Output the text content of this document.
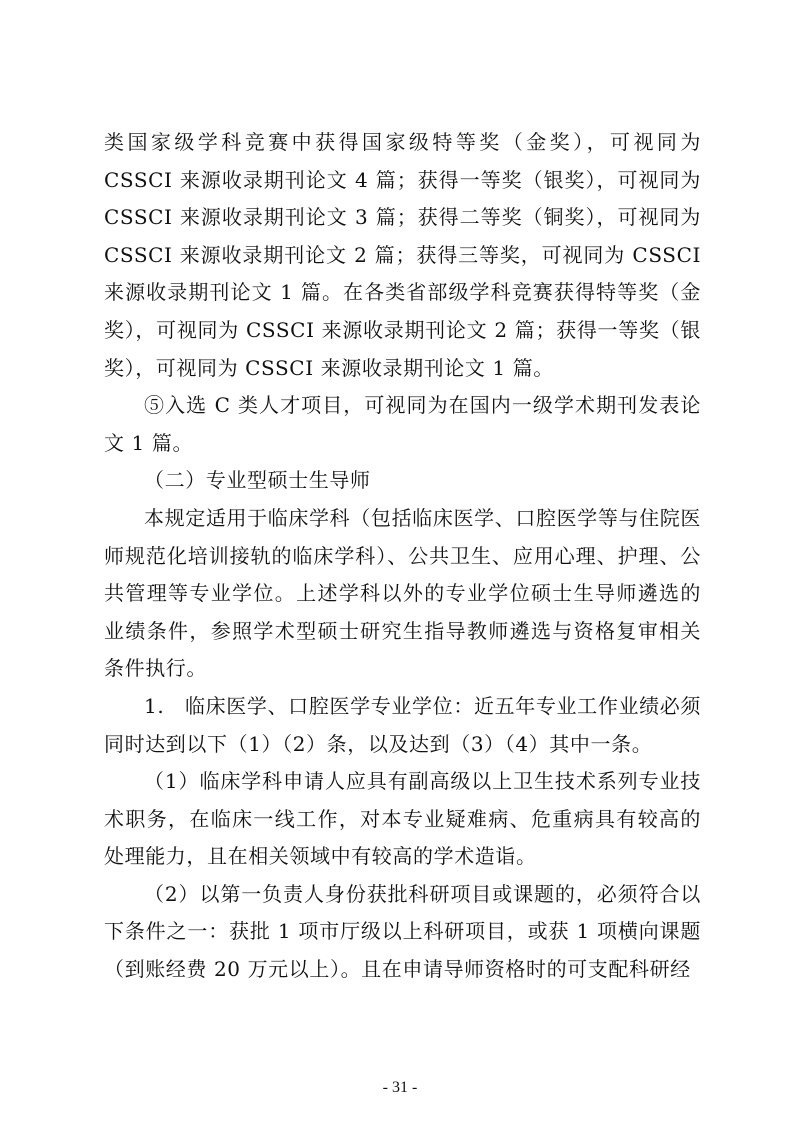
类国家级学科竞赛中获得国家级特等奖（金奖），可视同为 CSSCI 来源收录期刊论文 4 篇；获得一等奖（银奖），可视同为 CSSCI 来源收录期刊论文 3 篇；获得二等奖（铜奖），可视同为 CSSCI 来源收录期刊论文 2 篇；获得三等奖，可视同为 CSSCI 来源收录期刊论文 1 篇。在各类省部级学科竞赛获得特等奖（金奖），可视同为 CSSCI 来源收录期刊论文 2 篇；获得一等奖（银奖），可视同为 CSSCI 来源收录期刊论文 1 篇。

⑤入选 C 类人才项目，可视同为在国内一级学术期刊发表论文 1 篇。

（二）专业型硕士生导师

本规定适用于临床学科（包括临床医学、口腔医学等与住院医师规范化培训接轨的临床学科）、公共卫生、应用心理、护理、公共管理等专业学位。上述学科以外的专业学位硕士生导师遴选的业绩条件，参照学术型硕士研究生指导教师遴选与资格复审相关条件执行。

1.　临床医学、口腔医学专业学位：近五年专业工作业绩必须同时达到以下（1）（2）条，以及达到（3）（4）其中一条。

（1）临床学科申请人应具有副高级以上卫生技术系列专业技术职务，在临床一线工作，对本专业疑难病、危重病具有较高的处理能力，且在相关领域中有较高的学术造诣。

（2）以第一负责人身份获批科研项目或课题的，必须符合以下条件之一：获批 1 项市厅级以上科研项目，或获 1 项横向课题（到账经费 20 万元以上）。且在申请导师资格时的可支配科研经

- 31 -
